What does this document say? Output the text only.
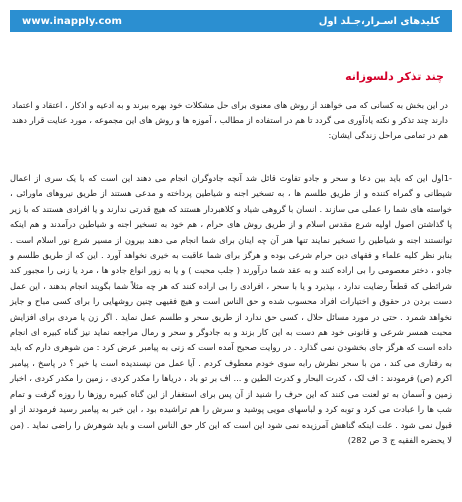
www.inapply.com	کلیدهای اسـرار،جـلد اول
چند تذکر دلسوزانه

در این بخش به کسانی که می خواهند از روش های معنوی برای حل مشکلات خود بهره ببرند و به ادعیه و اذکار ، اعتقاد و اعتماد دارند چند تذکر و نکته یادآوری می گردد تا هم در استفاده از مطالب ، آموزه ها و روش های این مجموعه ، مورد عنایت قرار دهند هم در تمامی مراحل زندگی ایشان:

-1اول این که باید بین دعا و سحر و جادو تفاوت قائل شد آنچه جادوگران انجام می دهند این است که با یک سری از اعمال شیطانی و گمراه کننده و از طریق طلسم ها ، به تسخیر اجنه و شیاطین پرداخته و مدعی هستند از طریق نیروهای ماورائی ، خواسته های شما را عملی می سازند . انسان با گروهی شیاد و کلاهبردار هستند که هیچ قدرتی ندارند و یا افرادی هستند که با زیر پا گذاشتن اصول اولیه شرع مقدس اسلام و از طریق روش های حرام ، هم خود به تسخیر اجنه و شیاطین درآمدند و هم اینکه توانستند اجنه و شیاطین را تسخیر نمایند تنها هنر آن چه اینان برای شما انجام می دهند بیرون از مسیر شرع نور اسلام است . بنابر نظر کلیه علماء و فقهای دین حرام شرعی بوده و هرگز برای شما عاقبت به خیری نخواهد آورد . این که از طریق طلسم و جادو ، دختر معصومی را بی اراده کنند و به عقد شما درآورند ( جلب محبت ) و یا به زور انواع جادو ها ، مرد یا زنی را مجبور کند شرائطی که قطعاً رضایت ندارد ، بپذیرد و یا با سحر ، افرادی را بی اراده کنند که هر چه مثلاً شما بگویند انجام بدهند ، این عمل دست بردن در حقوق و اختیارات افراد محسوب شده و حق الناس است و هیچ فقیهی چنین روشهایی را برای کسی مباح و جایز نخواهد شمرد . حتی در مورد مسائل حلال ، کسی حق ندارد از طریق سحر و طلسم عمل نماید . اگر زن یا مردی برای افزایش محبت همسر شرعی و قانونی خود هم دست به این کار بزند و به جادوگر و سحر و رمال مراجعه نماید نیز گناه کبیره ای انجام داده است که هرگز جای بخشودن نمی گذارد . در روایت صحیح آمده است که زنی به پیامبر عرض کرد : من شوهری دارم که باید به رفتاری می کند ، من با سحر نظرش رابه سوی خودم معطوف کردم . آیا عمل من نپسندیده است یا خیر ؟ در پاسخ ، پیامبر اکرم (ص) فرمودند : اف لک ، کدرت البحار و کدرت الطین و ... اف بر تو باد ، دریاها را مکدر کردی ، زمین را مکدر کردی ، اخبار زمین و آسمان به تو لعنت می کنند که این حرف را شنید از آن پس برای استغفار از این گناه کبیره روزها را روزه گرفت و تمام شب ها را عبادت می کرد و توبه کرد و لباسهای مویی پوشید و سرش را هم تراشیده بود ، این خبر به پیامبر رسید فرمودند از او قبول نمی شود . علت اینکه گناهش آمرزیده نمی شود این است که این کار حق الناس است و باید شوهرش را راضی نماید . (من لا یحضره الفقیه ج 3 ص 282)
